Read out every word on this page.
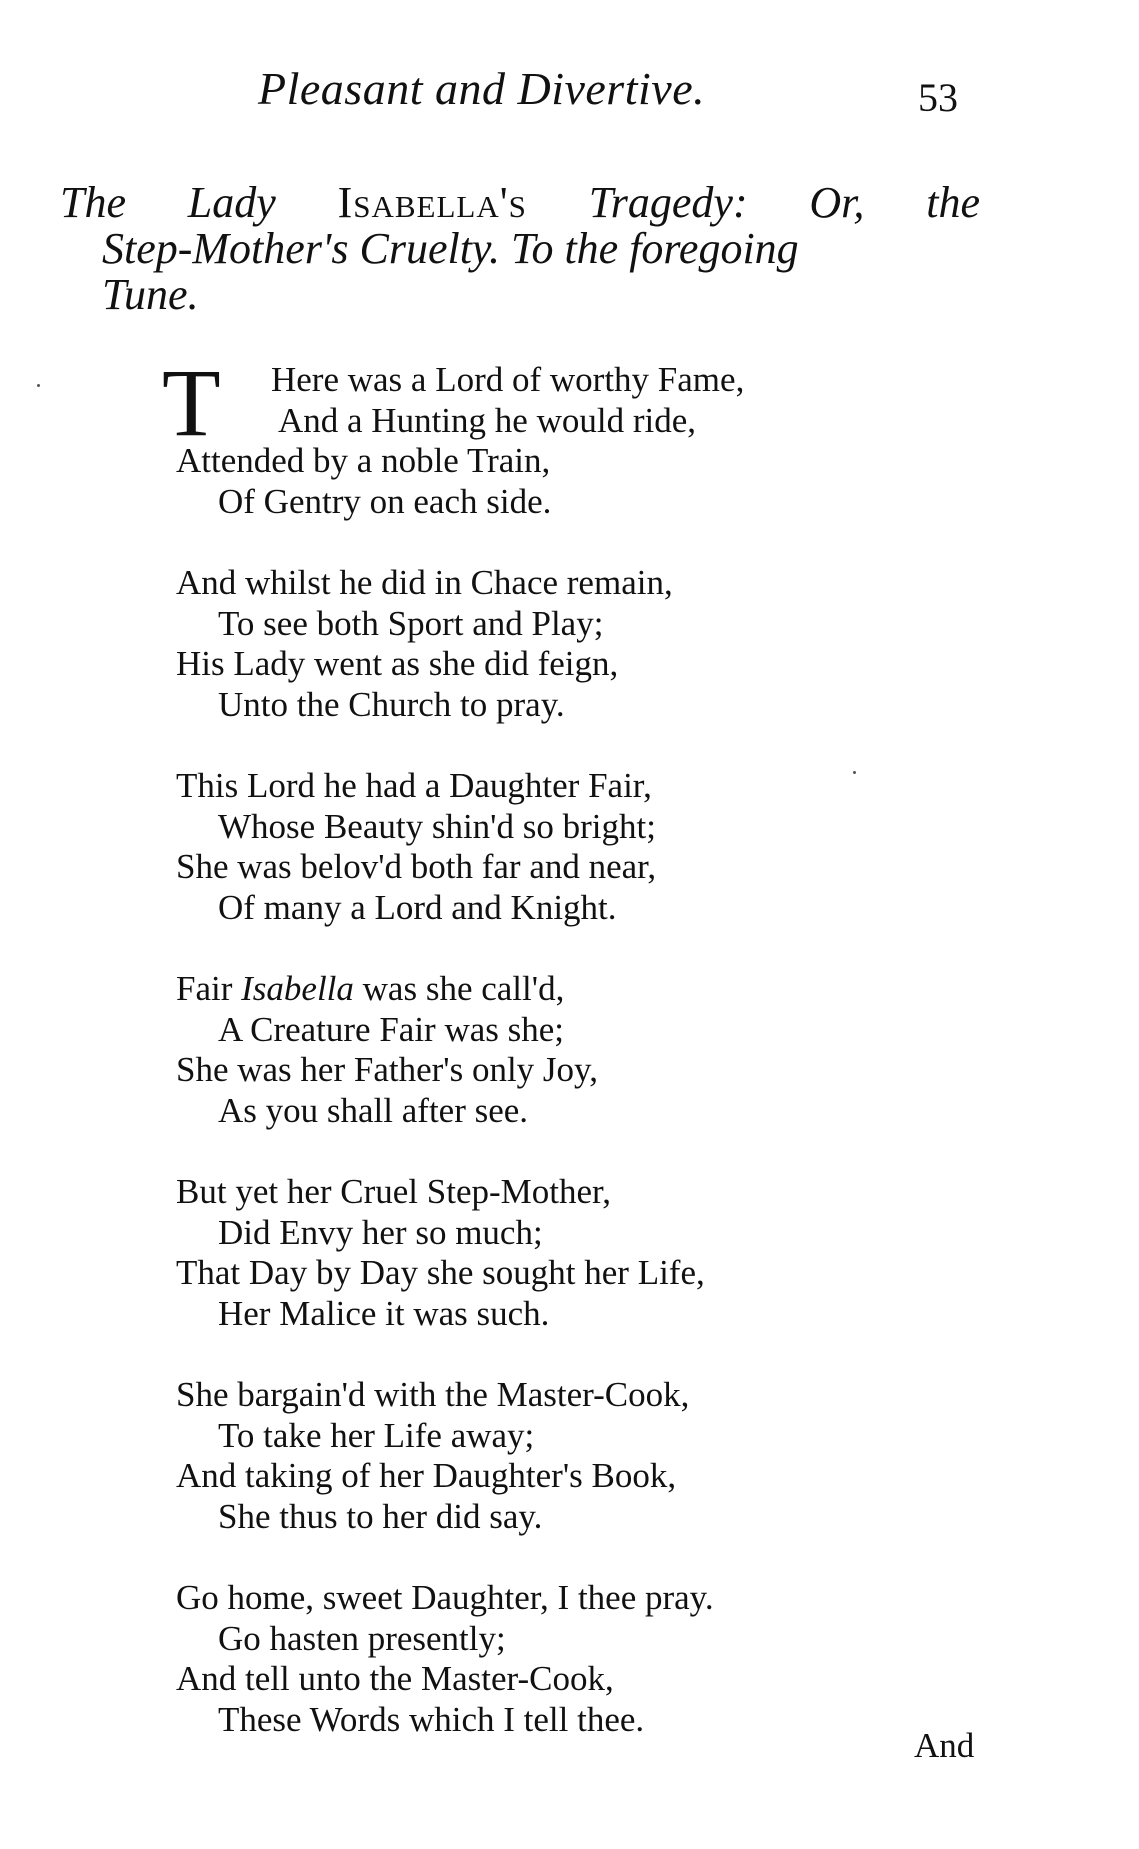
Pleasant and Divertive.	53
The Lady Isabella's Tragedy: Or, the
Step-Mother's Cruelty. To the foregoing
Tune.
T	Here was a Lord of worthy Fame,
And a Hunting he would ride,
Attended by a noble Train,
Of Gentry on each side.
And whilst he did in Chace remain,
To see both Sport and Play;
His Lady went as she did feign,
Unto the Church to pray.
This Lord he had a Daughter Fair,
Whose Beauty shin'd so bright;
She was belov'd both far and near,
Of many a Lord and Knight.
Fair Isabella was she call'd,
A Creature Fair was she;
She was her Father's only Joy,
As you shall after see.
But yet her Cruel Step-Mother,
Did Envy her so much;
That Day by Day she sought her Life,
Her Malice it was such.
She bargain'd with the Master-Cook,
To take her Life away;
And taking of her Daughter's Book,
She thus to her did say.
Go home, sweet Daughter, I thee pray.
Go hasten presently;
And tell unto the Master-Cook,
These Words which I tell thee.
And
